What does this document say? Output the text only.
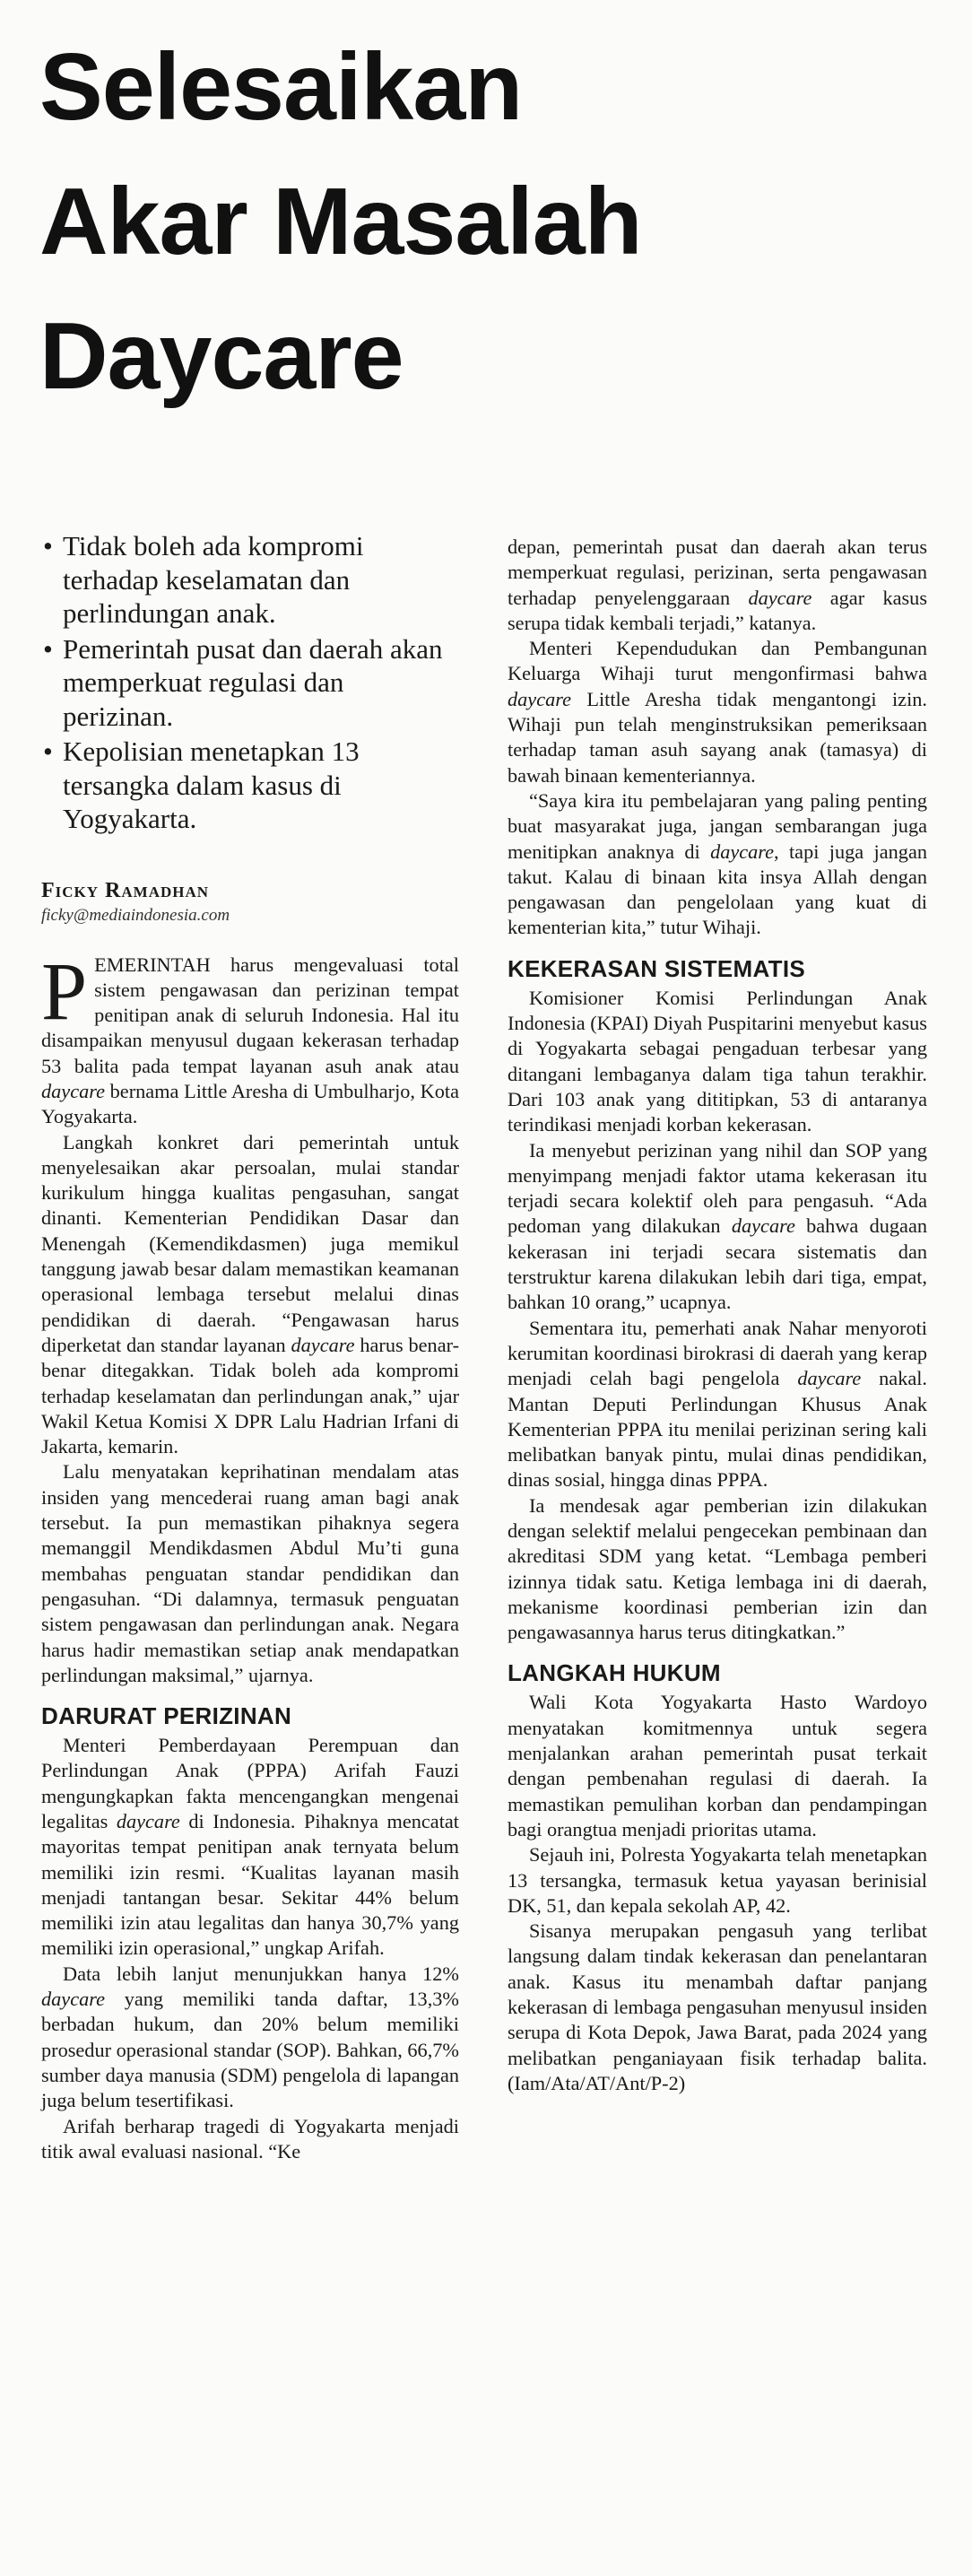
Selesaikan
Akar Masalah
Daycare
• Tidak boleh ada kompromi terhadap keselamatan dan perlindungan anak.
• Pemerintah pusat dan daerah akan memperkuat regulasi dan perizinan.
• Kepolisian menetapkan 13 tersangka dalam kasus di Yogyakarta.
Ficky Ramadhan
ficky@mediaindonesia.com

PEMERINTAH harus mengevaluasi total sistem pengawasan dan perizinan tempat penitipan anak di seluruh Indonesia. Hal itu disampaikan menyusul dugaan kekerasan terhadap 53 balita pada tempat layanan asuh anak atau daycare bernama Little Aresha di Umbulharjo, Kota Yogyakarta.

Langkah konkret dari pemerintah untuk menyelesaikan akar persoalan, mulai standar kurikulum hingga kualitas pengasuhan, sangat dinanti. Kementerian Pendidikan Dasar dan Menengah (Kemendikdasmen) juga memikul tanggung jawab besar dalam memastikan keamanan operasional lembaga tersebut melalui dinas pendidikan di daerah. “Pengawasan harus diperketat dan standar layanan daycare harus benar-benar ditegakkan. Tidak boleh ada kompromi terhadap keselamatan dan perlindungan anak,” ujar Wakil Ketua Komisi X DPR Lalu Hadrian Irfani di Jakarta, kemarin.

Lalu menyatakan keprihatinan mendalam atas insiden yang mencederai ruang aman bagi anak tersebut. Ia pun memastikan pihaknya segera memanggil Mendikdasmen Abdul Mu’ti guna membahas penguatan standar pendidikan dan pengasuhan. “Di dalamnya, termasuk penguatan sistem pengawasan dan perlindungan anak. Negara harus hadir memastikan setiap anak mendapatkan perlindungan maksimal,” ujarnya.

DARURAT PERIZINAN

Menteri Pemberdayaan Perempuan dan Perlindungan Anak (PPPA) Arifah Fauzi mengungkapkan fakta mencengangkan mengenai legalitas daycare di Indonesia. Pihaknya mencatat mayoritas tempat penitipan anak ternyata belum memiliki izin resmi. “Kualitas layanan masih menjadi tantangan besar. Sekitar 44% belum memiliki izin atau legalitas dan hanya 30,7% yang memiliki izin operasional,” ungkap Arifah.

Data lebih lanjut menunjukkan hanya 12% daycare yang memiliki tanda daftar, 13,3% berbadan hukum, dan 20% belum memiliki prosedur operasional standar (SOP). Bahkan, 66,7% sumber daya manusia (SDM) pengelola di lapangan juga belum tesertifikasi.

Arifah berharap tragedi di Yogyakarta menjadi titik awal evaluasi nasional. “Ke

depan, pemerintah pusat dan daerah akan terus memperkuat regulasi, perizinan, serta pengawasan terhadap penyelenggaraan daycare agar kasus serupa tidak kembali terjadi,” katanya.

Menteri Kependudukan dan Pembangunan Keluarga Wihaji turut mengonfirmasi bahwa daycare Little Aresha tidak mengantongi izin. Wihaji pun telah menginstruksikan pemeriksaan terhadap taman asuh sayang anak (tamasya) di bawah binaan kementeriannya.

“Saya kira itu pembelajaran yang paling penting buat masyarakat juga, jangan sembarangan juga menitipkan anaknya di daycare, tapi juga jangan takut. Kalau di binaan kita insya Allah dengan pengawasan dan pengelolaan yang kuat di kementerian kita,” tutur Wihaji.

KEKERASAN SISTEMATIS

Komisioner Komisi Perlindungan Anak Indonesia (KPAI) Diyah Puspitarini menyebut kasus di Yogyakarta sebagai pengaduan terbesar yang ditangani lembaganya dalam tiga tahun terakhir. Dari 103 anak yang dititipkan, 53 di antaranya terindikasi menjadi korban kekerasan.

Ia menyebut perizinan yang nihil dan SOP yang menyimpang menjadi faktor utama kekerasan itu terjadi secara kolektif oleh para pengasuh. “Ada pedoman yang dilakukan daycare bahwa dugaan kekerasan ini terjadi secara sistematis dan terstruktur karena dilakukan lebih dari tiga, empat, bahkan 10 orang,” ucapnya.

Sementara itu, pemerhati anak Nahar menyoroti kerumitan koordinasi birokrasi di daerah yang kerap menjadi celah bagi pengelola daycare nakal. Mantan Deputi Perlindungan Khusus Anak Kementerian PPPA itu menilai perizinan sering kali melibatkan banyak pintu, mulai dinas pendidikan, dinas sosial, hingga dinas PPPA.

Ia mendesak agar pemberian izin dilakukan dengan selektif melalui pengecekan pembinaan dan akreditasi SDM yang ketat. “Lembaga pemberi izinnya tidak satu. Ketiga lembaga ini di daerah, mekanisme koordinasi pemberian izin dan pengawasannya harus terus ditingkatkan.”

LANGKAH HUKUM

Wali Kota Yogyakarta Hasto Wardoyo menyatakan komitmennya untuk segera menjalankan arahan pemerintah pusat terkait dengan pembenahan regulasi di daerah. Ia memastikan pemulihan korban dan pendampingan bagi orangtua menjadi prioritas utama.

Sejauh ini, Polresta Yogyakarta telah menetapkan 13 tersangka, termasuk ketua yayasan berinisial DK, 51, dan kepala sekolah AP, 42.

Sisanya merupakan pengasuh yang terlibat langsung dalam tindak kekerasan dan penelantaran anak. Kasus itu menambah daftar panjang kekerasan di lembaga pengasuhan menyusul insiden serupa di Kota Depok, Jawa Barat, pada 2024 yang melibatkan penganiayaan fisik terhadap balita. (Iam/Ata/AT/Ant/P-2)
